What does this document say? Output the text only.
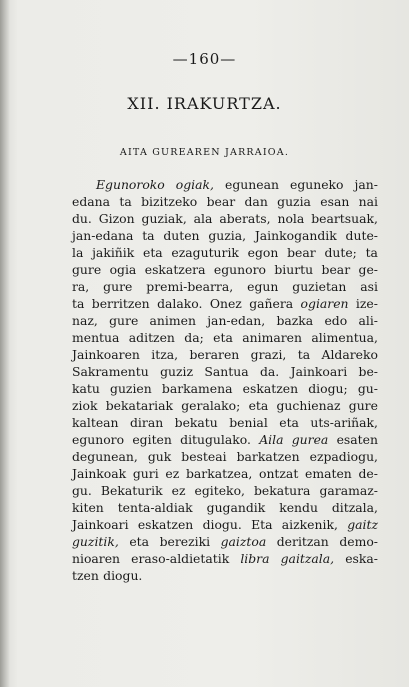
—160—
XII. IRAKURTZA.
AITA GUREAREN JARRAIOA.
Egunoroko ogiak, egunean eguneko jan-
edana ta bizitzeko bear dan guzia esan nai
du. Gizon guziak, ala aberats, nola beartsuak,
jan-edana ta duten guzia, Jainkogandik dute-
la jakiñik eta ezaguturik egon bear dute; ta
gure ogia eskatzera egunoro biurtu bear ge-
ra, gure premi-bearra, egun guzietan asi
ta berritzen dalako. Onez gañera ogiaren ize-
naz, gure animen jan-edan, bazka edo ali-
mentua aditzen da; eta animaren alimentua,
Jainkoaren itza, beraren grazi, ta Aldareko
Sakramentu guziz Santua da. Jainkoari be-
katu guzien barkamena eskatzen diogu; gu-
ziok bekatariak geralako; eta guchienaz gure
kaltean diran bekatu benial eta uts-ariñak,
egunoro egiten ditugulako. Aila gurea esaten
degunean, guk besteai barkatzen ezpadiogu,
Jainkoak guri ez barkatzea, ontzat ematen de-
gu. Bekaturik ez egiteko, bekatura garamaz-
kiten tenta-aldiak gugandik kendu ditzala,
Jainkoari eskatzen diogu. Eta aizkenik, gaitz
guzitik, eta bereziki gaiztoa deritzan demo-
nioaren eraso-aldietatik libra gaitzala, eska-
tzen diogu.
